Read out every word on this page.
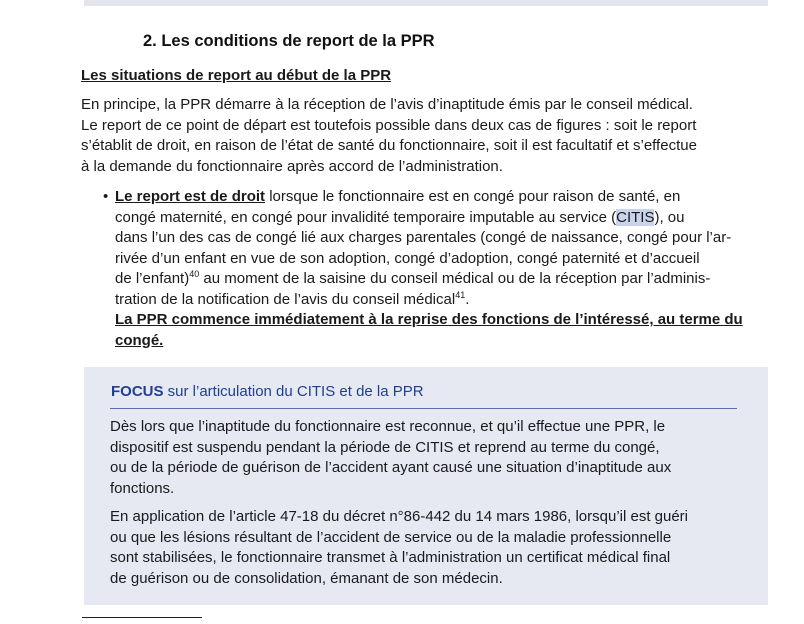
2. Les conditions de report de la PPR
Les situations de report au début de la PPR
En principe, la PPR démarre à la réception de l’avis d’inaptitude émis par le conseil médical.
Le report de ce point de départ est toutefois possible dans deux cas de figures : soit le report
s’établit de droit, en raison de l’état de santé du fonctionnaire, soit il est facultatif et s’effectue
à la demande du fonctionnaire après accord de l’administration.
• Le report est de droit lorsque le fonctionnaire est en congé pour raison de santé, en
congé maternité, en congé pour invalidité temporaire imputable au service (CITIS), ou
dans l’un des cas de congé lié aux charges parentales (congé de naissance, congé pour l’ar-
rivée d’un enfant en vue de son adoption, congé d’adoption, congé paternité et d’accueil
de l’enfant)$^{40}$ au moment de la saisine du conseil médical ou de la réception par l’adminis-
tration de la notification de l’avis du conseil médical$^{41}$.
La PPR commence immédiatement à la reprise des fonctions de l’intéressé, au terme du
congé.
FOCUS sur l’articulation du CITIS et de la PPR
Dès lors que l’inaptitude du fonctionnaire est reconnue, et qu’il effectue une PPR, le
dispositif est suspendu pendant la période de CITIS et reprend au terme du congé,
ou de la période de guérison de l’accident ayant causé une situation d’inaptitude aux
fonctions.
En application de l’article 47-18 du décret n°86-442 du 14 mars 1986, lorsqu’il est guéri
ou que les lésions résultant de l’accident de service ou de la maladie professionnelle
sont stabilisées, le fonctionnaire transmet à l’administration un certificat médical final
de guérison ou de consolidation, émanant de son médecin.
